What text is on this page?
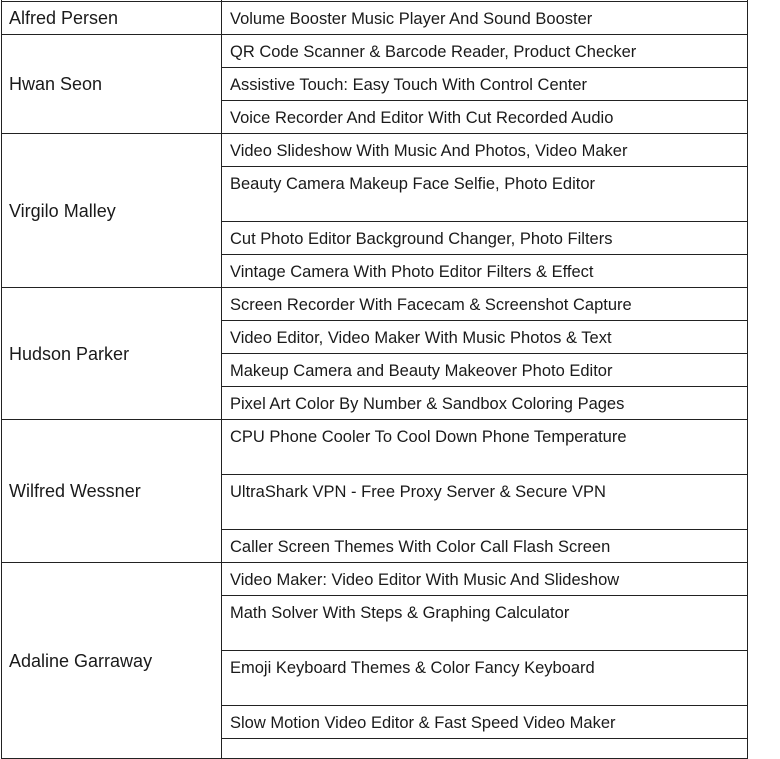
Alfred Persen	Volume Booster Music Player And Sound Booster
Hwan Seon	QR Code Scanner & Barcode Reader, Product Checker
	Assistive Touch: Easy Touch With Control Center
	Voice Recorder And Editor With Cut Recorded Audio
Virgilo Malley	Video Slideshow With Music And Photos, Video Maker
	Beauty Camera Makeup Face Selfie, Photo Editor
	Cut Photo Editor Background Changer, Photo Filters
	Vintage Camera With Photo Editor Filters & Effect
Hudson Parker	Screen Recorder With Facecam & Screenshot Capture
	Video Editor, Video Maker With Music Photos & Text
	Makeup Camera and Beauty Makeover Photo Editor
	Pixel Art Color By Number & Sandbox Coloring Pages
Wilfred Wessner	CPU Phone Cooler To Cool Down Phone Temperature
	UltraShark VPN - Free Proxy Server & Secure VPN
	Caller Screen Themes With Color Call Flash Screen
Adaline Garraway	Video Maker: Video Editor With Music And Slideshow
	Math Solver With Steps & Graphing Calculator
	Emoji Keyboard Themes & Color Fancy Keyboard
	Slow Motion Video Editor & Fast Speed Video Maker
